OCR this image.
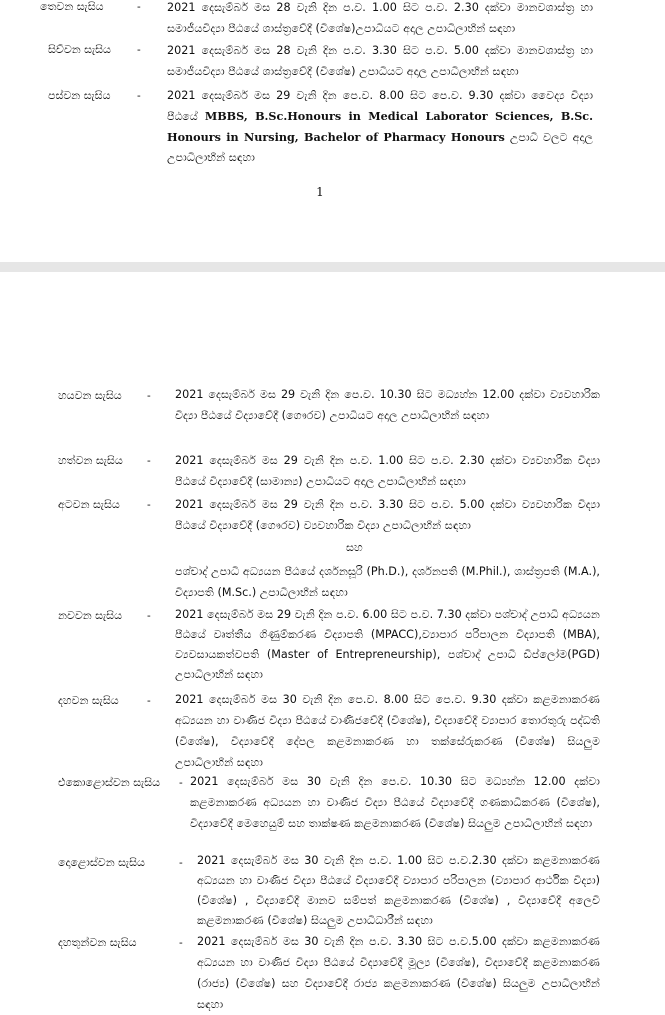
තෙවන සැසිය	- 2021 දෙසැම්බර් මස 28 වැනි දින ප.ව. 1.00 සිට ප.ව. 2.30 දක්වා මානවශාස්ත්‍ර හා සමාජීයවිද්‍යා පීඨයේ ශාස්ත්‍රවේදී (විශේෂ)උපාධියට අදාල උපාධිලාභීන් සඳහා
සිව්වන සැසිය - 2021 දෙසැම්බර් මස 28 වැනි දින ප.ව. 3.30 සිට ප.ව. 5.00 දක්වා මානවශාස්ත්‍ර හා සමාජීයවිද්‍යා පීඨයේ ශාස්ත්‍රවේදී (විශේෂ) උපාධියට අදාල උපාධිලාභීන් සඳහා
පස්වන සැසිය - 2021 දෙසැම්බර් මස 29 වැනි දින පෙ.ව. 8.00 සිට පෙ.ව. 9.30 දක්වා වෛද්‍ය විද්‍යා පීඨයේ MBBS, B.Sc.Honours in Medical Laborator Sciences, B.Sc. Honours in Nursing, Bachelor of Pharmacy Honours උපාධි වලට අදාල උපාධිලාභීන් සඳහා
1
හයවන සැසිය - 2021 දෙසැම්බර් මස 29 වැනි දින පෙ.ව. 10.30 සිට මධ්‍යහ්න 12.00 දක්වා ව්‍යවහාරික විද්‍යා පීඨයේ විද්‍යාවේදී (ගෞරව) උපාධියට අදාල උපාධිලාභීන් සඳහා
හත්වන සැසිය - 2021 දෙසැම්බර් මස 29 වැනි දින ප.ව. 1.00 සිට ප.ව. 2.30 දක්වා ව්‍යවහාරික විද්‍යා පීඨයේ විද්‍යාවේදී (සාමාන්‍ය) උපාධියට අදාල උපාධිලාභීන් සඳහා
අටවන සැසිය - 2021 දෙසැම්බර් මස 29 වැනි දින ප.ව. 3.30 සිට ප.ව. 5.00 දක්වා ව්‍යවහාරික විද්‍යා පීඨයේ විද්‍යාවේදී (ගෞරව) ව්‍යවහාරික විද්‍යා උපාධිලාභීන් සඳහා
සහ
පශ්චාද් උපාධි අධ්‍යයන පීඨයේ දර්ශනසූරි (Ph.D.), දර්ශනපති (M.Phil.), ශාස්ත්‍රපති (M.A.), විද්‍යාපති (M.Sc.) උපාධිලාභීන් සඳහා
නවවන සැසිය - 2021 දෙසැම්බර් මස 29 වැනි දින ප.ව. 6.00 සිට ප.ව. 7.30 දක්වා පශ්චාද් උපාධි අධ්‍යයන පීඨයේ වෘත්තීය ගිණුම්කරණ විද්‍යාපති (MPACC),ව්‍යාපාර පරිපාලන විද්‍යාපති (MBA), ව්‍යවසායකත්වපති (Master of Entrepreneurship), පශ්චාද් උපාධි ඩිප්ලෝම(PGD) උපාධිලාභීන් සඳහා
දහවන සැසිය	- 2021 දෙසැම්බර් මස 30 වැනි දින පෙ.ව. 8.00 සිට පෙ.ව. 9.30 දක්වා කළමනාකරණ අධ්‍යයන හා වාණිජ විද්‍යා පීඨයේ වාණිජවේදී (විශේෂ), විද්‍යාවේදී ව්‍යාපාර තොරතුරු පද්ධති (විශේෂ), විද්‍යාවේදී දේපල කළමනාකරණ හා තක්සේරුකරණ (විශේෂ) සියලුම උපාධිලාභීන් සඳහා
එකොළොස්වන සැසිය - 2021 දෙසැම්බර් මස 30 වැනි දින පෙ.ව. 10.30 සිට මධ්‍යහ්න 12.00 දක්වා කළමනාකරණ අධ්‍යයන හා වාණිජ විද්‍යා පීඨයේ විද්‍යාවේදී ගණකාධිකරණ (විශේෂ), විද්‍යාවේදී මෙහෙයුම් සහ තාක්ෂණ කළමනාකරණ (විශේෂ) සියලුම උපාධිලාභීන් සඳහා
දොළොස්වන සැසිය	- 2021 දෙසැම්බර් මස 30 වැනි දින ප.ව. 1.00 සිට ප.ව.2.30 දක්වා කළමනාකරණ අධ්‍යයන හා වාණිජ විද්‍යා පීඨයේ විද්‍යාවේදී ව්‍යාපාර පරිපාලන (ව්‍යාපාර ආර්ථික විද්‍යා) (විශේෂ) , විද්‍යාවේදී මානව සම්පත් කළමනාකරණ (විශේෂ) , විද්‍යාවේදී අලෙවි කළමනාකරණ (විශේෂ) සියලුම උපාධිධාරීන් සඳහා
දහතුන්වන සැසිය	- 2021 දෙසැම්බර් මස 30 වැනි දින ප.ව. 3.30 සිට ප.ව.5.00 දක්වා කළමනාකරණ අධ්‍යයන හා වාණිජ විද්‍යා පීඨයේ විද්‍යාවේදී මූල්‍ය (විශේෂ), විද්‍යාවේදී කළමනාකරණ (රාජ්‍ය) (විශේෂ) සහ විද්‍යාවේදී රාජ්‍ය කළමනාකරණ (විශේෂ) සියලුම උපාධිලාභීන් සඳහා
